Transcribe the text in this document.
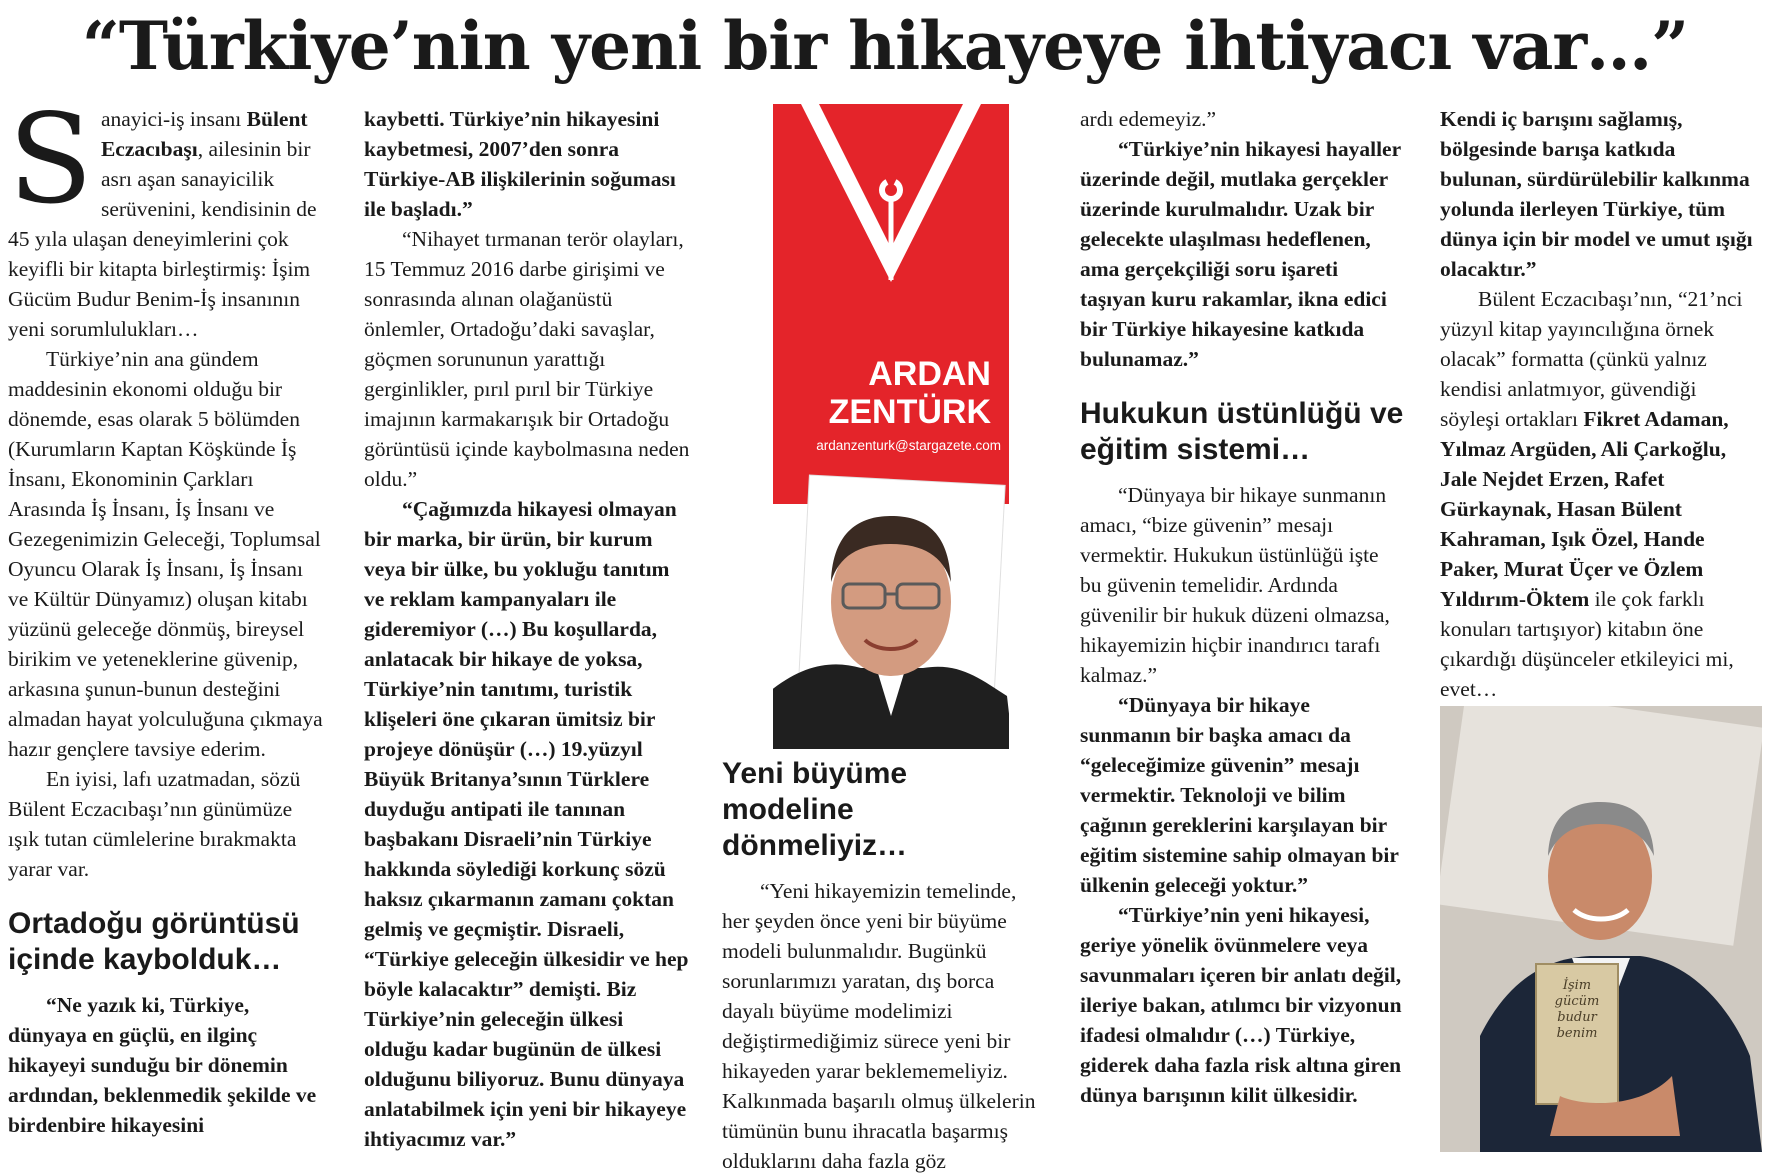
“Türkiye’nin yeni bir hikayeye ihtiyacı var…”

Sanayici-iş insanı Bülent Eczacıbaşı, ailesinin bir asrı aşan sanayicilik serüvenini, kendisinin de 45 yıla ulaşan deneyimlerini çok keyifli bir kitapta birleştirmiş: İşim Gücüm Budur Benim-İş insanının yeni sorumlulukları…

Türkiye’nin ana gündem maddesinin ekonomi olduğu bir dönemde, esas olarak 5 bölümden (Kurumların Kaptan Köşkünde İş İnsanı, Ekonominin Çarkları Arasında İş İnsanı, İş İnsanı ve Gezegenimizin Geleceği, Toplumsal Oyuncu Olarak İş İnsanı, İş İnsanı ve Kültür Dünyamız) oluşan kitabı yüzünü geleceğe dönmüş, bireysel birikim ve yeteneklerine güvenip, arkasına şunun-bunun desteğini almadan hayat yolculuğuna çıkmaya hazır gençlere tavsiye ederim.

En iyisi, lafı uzatmadan, sözü Bülent Eczacıbaşı’nın günümüze ışık tutan cümlelerine bırakmakta yarar var.

Ortadoğu görüntüsü içinde kaybolduk…

“Ne yazık ki, Türkiye, dünyaya en güçlü, en ilginç hikayeyi sunduğu bir dönemin ardından, beklenmedik şekilde ve birdenbire hikayesini

kaybetti. Türkiye’nin hikayesini kaybetmesi, 2007’den sonra Türkiye-AB ilişkilerinin soğuması ile başladı.”

“Nihayet tırmanan terör olayları, 15 Temmuz 2016 darbe girişimi ve sonrasında alınan olağanüstü önlemler, Ortadoğu’daki savaşlar, göçmen sorununun yarattığı gerginlikler, pırıl pırıl bir Türkiye imajının karmakarışık bir Ortadoğu görüntüsü içinde kaybolmasına neden oldu.”

“Çağımızda hikayesi olmayan bir marka, bir ürün, bir kurum veya bir ülke, bu yokluğu tanıtım ve reklam kampanyaları ile gideremiyor (…) Bu koşullarda, anlatacak bir hikaye de yoksa, Türkiye’nin tanıtımı, turistik klişeleri öne çıkaran ümitsiz bir projeye dönüşür (…) 19.yüzyıl Büyük Britanya’sının Türklere duyduğu antipati ile tanınan başbakanı Disraeli’nin Türkiye hakkında söylediği korkunç sözü haksız çıkarmanın zamanı çoktan gelmiş ve geçmiştir. Disraeli, “Türkiye geleceğin ülkesidir ve hep böyle kalacaktır” demişti. Biz Türkiye’nin geleceğin ülkesi olduğu kadar bugünün de ülkesi olduğunu biliyoruz. Bunu dünyaya anlatabilmek için yeni bir hikayeye ihtiyacımız var.”

ARDAN
ZENTÜRK
ardanzenturk@stargazete.com
Yeni büyüme modeline dönmeliyiz…

“Yeni hikayemizin temelinde, her şeyden önce yeni bir büyüme modeli bulunmalıdır. Bugünkü sorunlarımızı yaratan, dış borca dayalı büyüme modelimizi değiştirmediğimiz sürece yeni bir hikayeden yarar beklememeliyiz. Kalkınmada başarılı olmuş ülkelerin tümünün bunu ihracatla başarmış olduklarını daha fazla göz

ardı edemeyiz.”

“Türkiye’nin hikayesi hayaller üzerinde değil, mutlaka gerçekler üzerinde kurulmalıdır. Uzak bir gelecekte ulaşılması hedeflenen, ama gerçekçiliği soru işareti taşıyan kuru rakamlar, ikna edici bir Türkiye hikayesine katkıda bulunamaz.”

Hukukun üstünlüğü ve eğitim sistemi…

“Dünyaya bir hikaye sunmanın amacı, “bize güvenin” mesajı vermektir. Hukukun üstünlüğü işte bu güvenin temelidir. Ardında güvenilir bir hukuk düzeni olmazsa, hikayemizin hiçbir inandırıcı tarafı kalmaz.”

“Dünyaya bir hikaye sunmanın bir başka amacı da “geleceğimize güvenin” mesajı vermektir. Teknoloji ve bilim çağının gereklerini karşılayan bir eğitim sistemine sahip olmayan bir ülkenin geleceği yoktur.”

“Türkiye’nin yeni hikayesi, geriye yönelik övünmelere veya savunmaları içeren bir anlatı değil, ileriye bakan, atılımcı bir vizyonun ifadesi olmalıdır (…) Türkiye, giderek daha fazla risk altına giren dünya barışının kilit ülkesidir.

Kendi iç barışını sağlamış, bölgesinde barışa katkıda bulunan, sürdürülebilir kalkınma yolunda ilerleyen Türkiye, tüm dünya için bir model ve umut ışığı olacaktır.”

Bülent Eczacıbaşı’nın, “21’nci yüzyıl kitap yayıncılığına örnek olacak” formatta (çünkü yalnız kendisi anlatmıyor, güvendiği söyleşi ortakları Fikret Adaman, Yılmaz Argüden, Ali Çarkoğlu, Jale Nejdet Erzen, Rafet Gürkaynak, Hasan Bülent Kahraman, Işık Özel, Hande Paker, Murat Üçer ve Özlem Yıldırım-Öktem ile çok farklı konuları tartışıyor) kitabın öne çıkardığı düşünceler etkileyici mi, evet…

İşim gücüm budur benim
